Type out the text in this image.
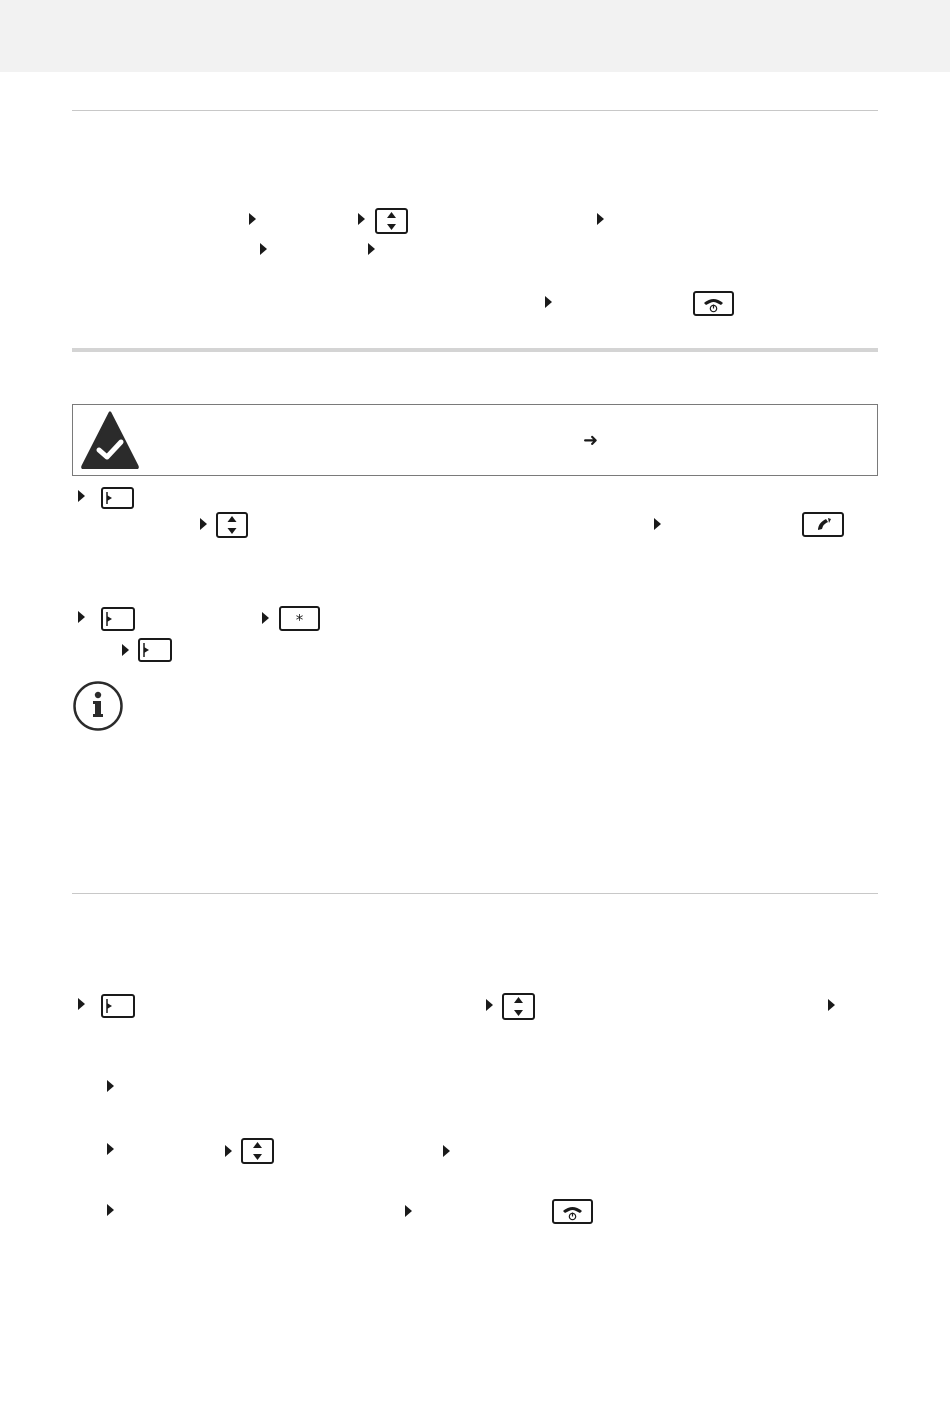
➜
*
